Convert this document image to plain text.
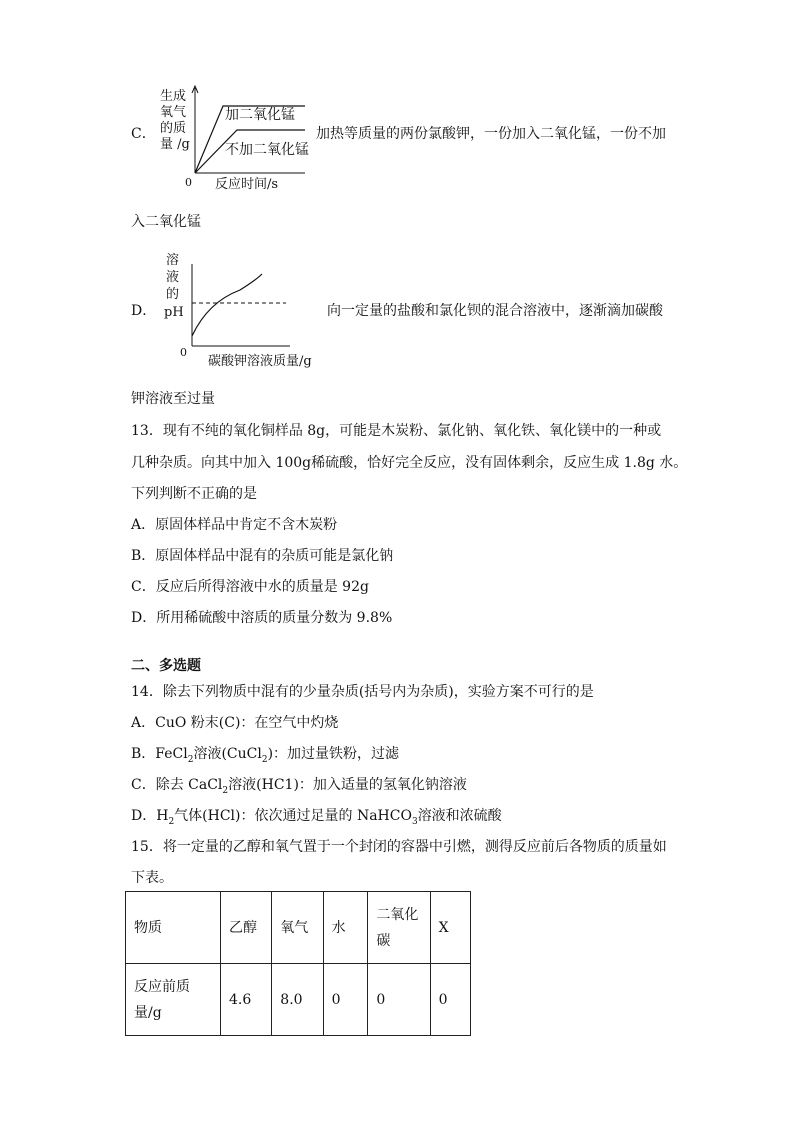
C．
生成
氧气
的质
量 /g
加二氧化锰
不加二氧化锰
0 反应时间/s
加热等质量的两份氯酸钾，一份加入二氧化锰，一份不加
入二氧化锰
D．
溶
液
的
pH
0
碳酸钾溶液质量/g
向一定量的盐酸和氯化钡的混合溶液中，逐渐滴加碳酸
钾溶液至过量
13．现有不纯的氧化铜样品 8g，可能是木炭粉、氯化钠、氧化铁、氧化镁中的一种或
几种杂质。向其中加入 100g稀硫酸，恰好完全反应，没有固体剩余，反应生成 1.8g 水。
下列判断不正确的是
A．原固体样品中肯定不含木炭粉
B．原固体样品中混有的杂质可能是氯化钠
C．反应后所得溶液中水的质量是 92g
D．所用稀硫酸中溶质的质量分数为 9.8%
二、多选题
14．除去下列物质中混有的少量杂质(括号内为杂质)，实验方案不可行的是
A．CuO 粉末(C)：在空气中灼烧
B．FeCl$_2$溶液(CuCl$_2$)：加过量铁粉，过滤
C．除去 CaCl$_2$溶液(HC1)：加入适量的氢氧化钠溶液
D．$H_2$气体(HCl)：依次通过足量的 NaHCO$_3$溶液和浓硫酸
15．将一定量的乙醇和氧气置于一个封闭的容器中引燃，测得反应前后各物质的质量如
下表。
物质	乙醇	氧气	水	二氧化碳	X
反应前质量/g	4.6	8.0	0	0	0
